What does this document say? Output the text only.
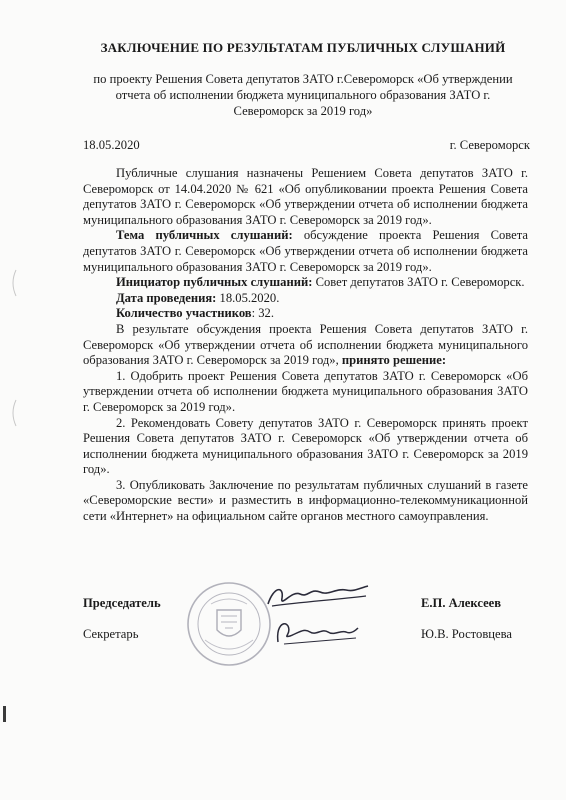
ЗАКЛЮЧЕНИЕ ПО РЕЗУЛЬТАТАМ ПУБЛИЧНЫХ СЛУШАНИЙ
по проекту Решения Совета депутатов ЗАТО г.Североморск «Об утверждении отчета об исполнении бюджета муниципального образования ЗАТО г. Североморск за 2019 год»
18.05.2020	г. Североморск

Публичные слушания назначены Решением Совета депутатов ЗАТО г. Североморск от 14.04.2020 № 621 «Об опубликовании проекта Решения Совета депутатов ЗАТО г. Североморск «Об утверждении отчета об исполнении бюджета муниципального образования ЗАТО г. Североморск за 2019 год».

Тема публичных слушаний: обсуждение проекта Решения Совета депутатов ЗАТО г. Североморск «Об утверждении отчета об исполнении бюджета муниципального образования ЗАТО г. Североморск за 2019 год».

Инициатор публичных слушаний: Совет депутатов ЗАТО г. Североморск.

Дата проведения: 18.05.2020.

Количество участников: 32.

В результате обсуждения проекта Решения Совета депутатов ЗАТО г. Североморск «Об утверждении отчета об исполнении бюджета муниципального образования ЗАТО г. Североморск за 2019 год», принято решение:

1. Одобрить проект Решения Совета депутатов ЗАТО г. Североморск «Об утверждении отчета об исполнении бюджета муниципального образования ЗАТО г. Североморск за 2019 год».

2. Рекомендовать Совету депутатов ЗАТО г. Североморск принять проект Решения Совета депутатов ЗАТО г. Североморск «Об утверждении отчета об исполнении бюджета муниципального образования ЗАТО г. Североморск за 2019 год».

3. Опубликовать Заключение по результатам публичных слушаний в газете «Североморские вести» и разместить в информационно-телекоммуникационной сети «Интернет» на официальном сайте органов местного самоуправления.

Председатель	Е.П. Алексеев
Секретарь	Ю.В. Ростовцева
